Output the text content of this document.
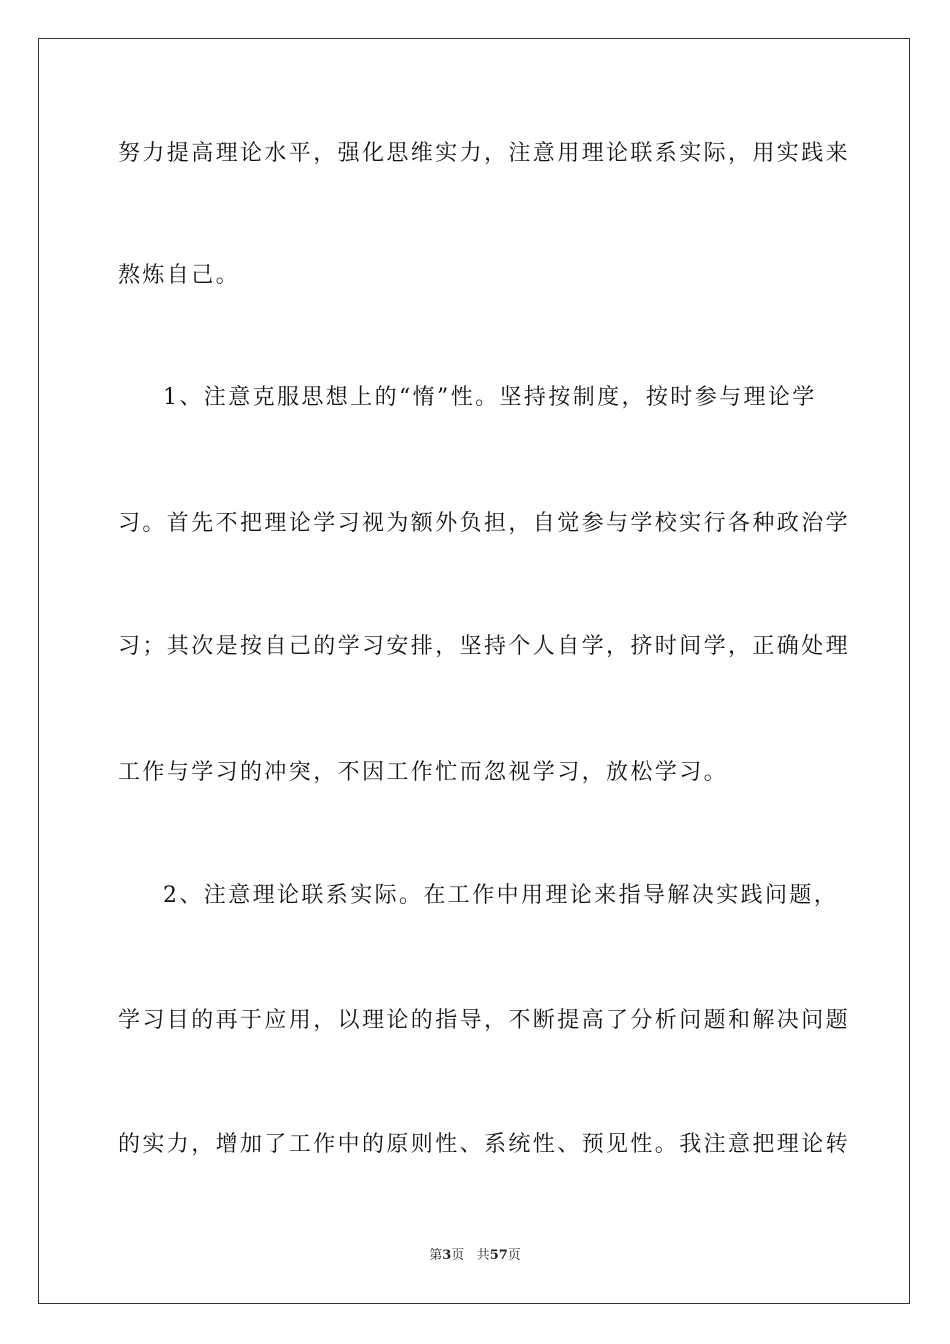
努力提高理论水平，强化思维实力，注意用理论联系实际，用实践来
熬炼自己。
1、注意克服思想上的“惰”性。坚持按制度，按时参与理论学
习。首先不把理论学习视为额外负担，自觉参与学校实行各种政治学
习；其次是按自己的学习安排，坚持个人自学，挤时间学，正确处理
工作与学习的冲突，不因工作忙而忽视学习，放松学习。
2、注意理论联系实际。在工作中用理论来指导解决实践问题，
学习目的再于应用，以理论的指导，不断提高了分析问题和解决问题
的实力，增加了工作中的原则性、系统性、预见性。我注意把理论转
第3页 共57页
